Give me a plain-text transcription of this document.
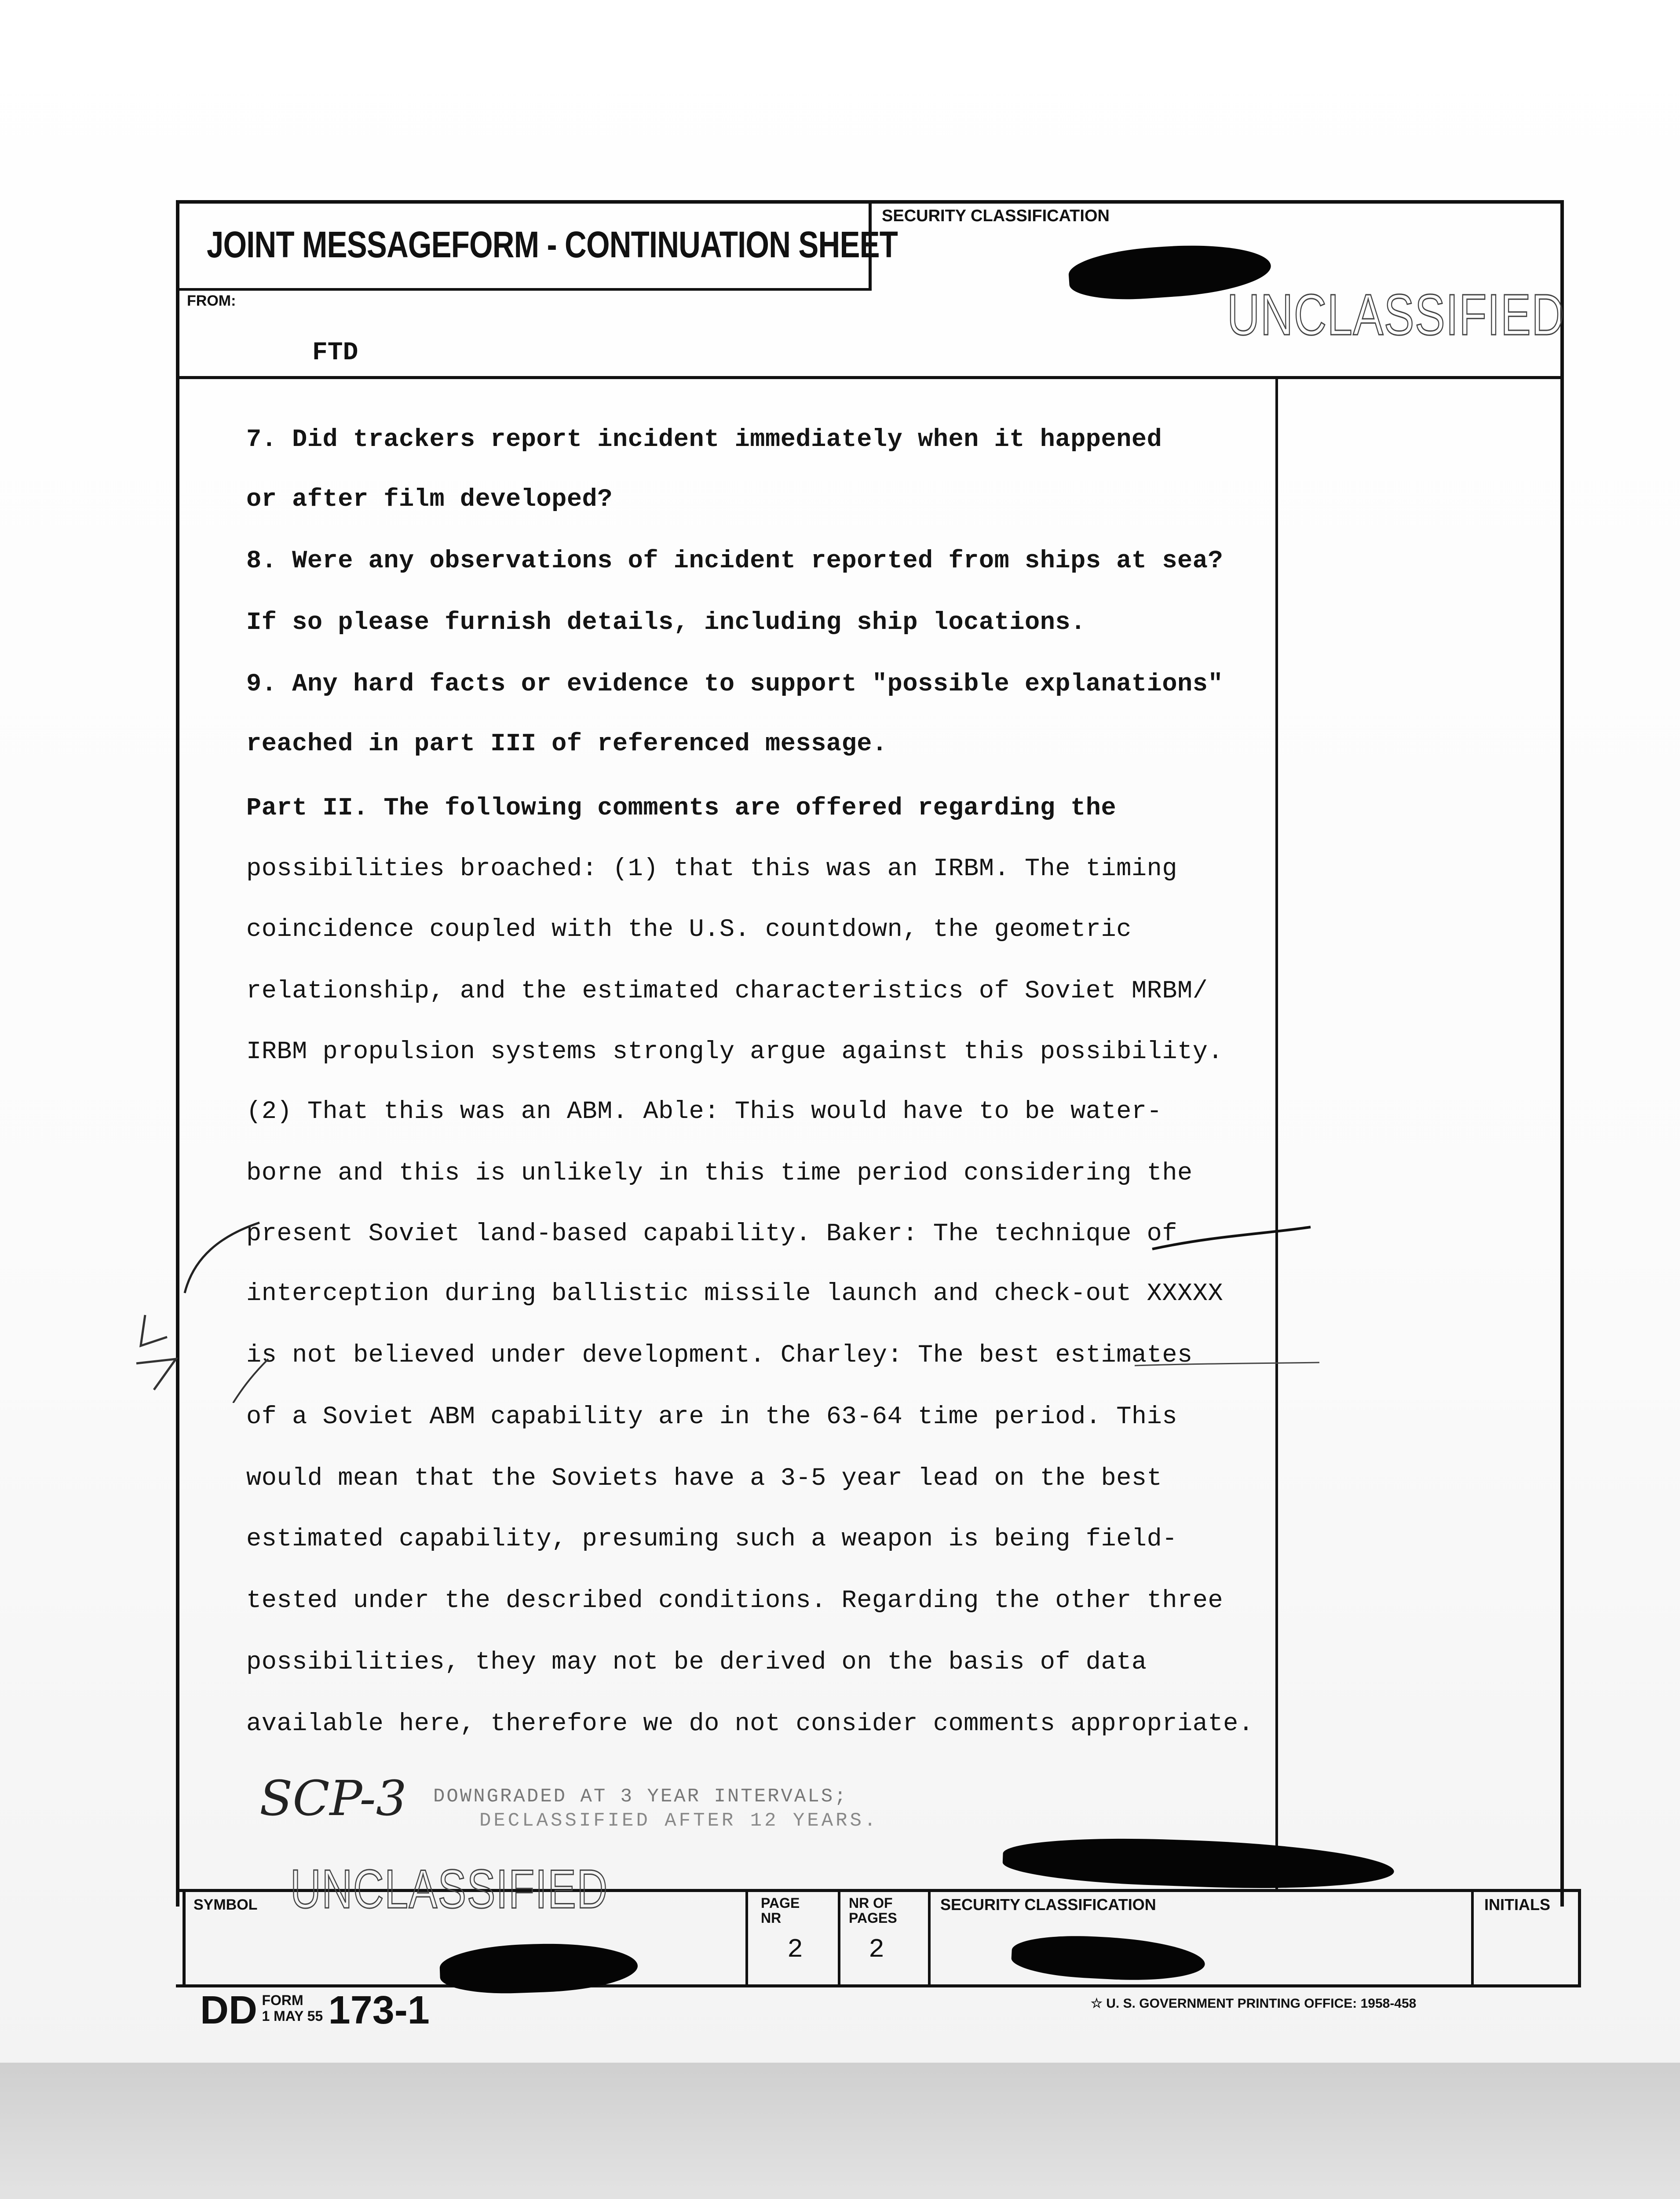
JOINT MESSAGEFORM - CONTINUATION SHEET
SECURITY CLASSIFICATION
UNCLASSIFIED
FROM:
FTD
7. Did trackers report incident immediately when it happened
or after film developed?
8. Were any observations of incident reported from ships at sea?
If so please furnish details, including ship locations.
9. Any hard facts or evidence to support "possible explanations"
reached in part III of referenced message.
Part II. The following comments are offered regarding the
possibilities broached: (1) that this was an IRBM. The timing
coincidence coupled with the U.S. countdown, the geometric
relationship, and the estimated characteristics of Soviet MRBM/
IRBM propulsion systems strongly argue against this possibility.
(2) That this was an ABM. Able: This would have to be water-
borne and this is unlikely in this time period considering the
present Soviet land-based capability. Baker: The technique of
interception during ballistic missile launch and check-out XXXXX
is not believed under development. Charley: The best estimates
of a Soviet ABM capability are in the 63-64 time period. This
would mean that the Soviets have a 3-5 year lead on the best
estimated capability, presuming such a weapon is being field-
tested under the described conditions. Regarding the other three
possibilities, they may not be derived on the basis of data
available here, therefore we do not consider comments appropriate.
SCP-3 DOWNGRADED AT 3 YEAR INTERVALS;
DECLASSIFIED AFTER 12 YEARS.
SYMBOL UNCLASSIFIED	PAGE NR
2
NR OF PAGES
2
SECURITY CLASSIFICATION	INITIALS
DD FORM
1 MAY 55 173-1	☆ U. S. GOVERNMENT PRINTING OFFICE: 1958-458
